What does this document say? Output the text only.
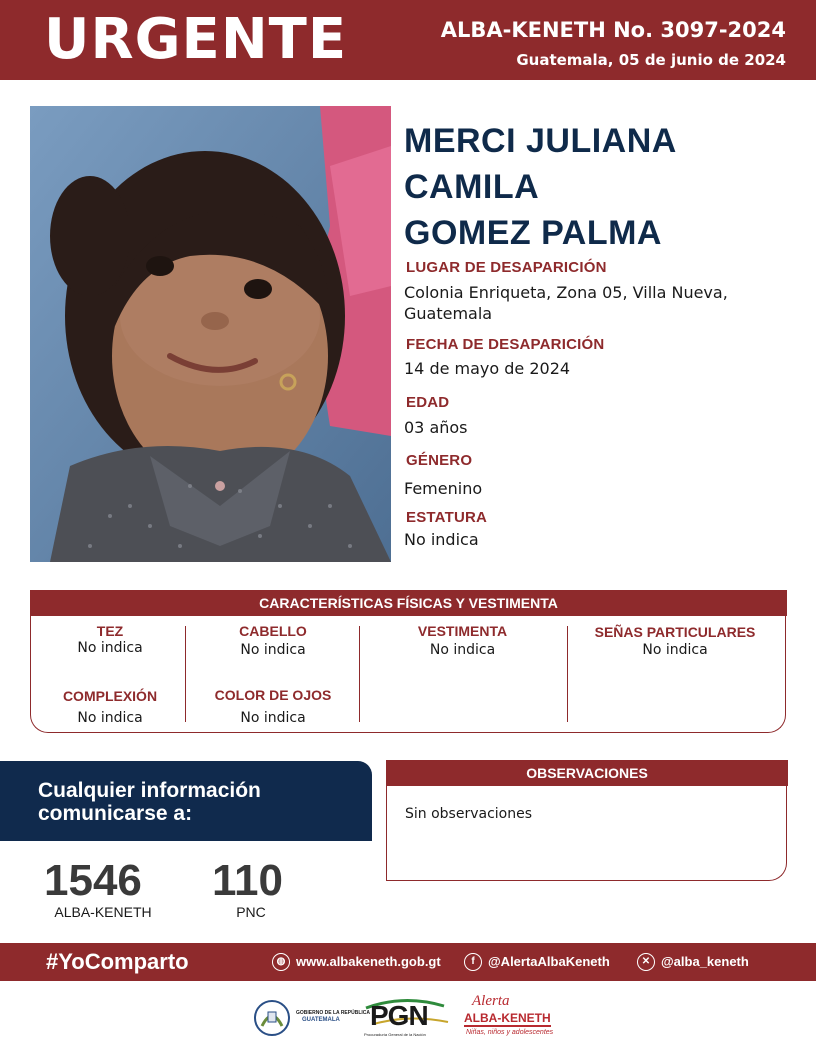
URGENTE	ALBA-KENETH No. 3097-2024
Guatemala, 05 de junio de 2024
MERCI JULIANA
CAMILA
GOMEZ PALMA
LUGAR DE DESAPARICIÓN
Colonia Enriqueta, Zona 05, Villa Nueva,
Guatemala
FECHA DE DESAPARICIÓN
14 de mayo de 2024
EDAD
03 años
GÉNERO
Femenino
ESTATURA
No indica
CARACTERÍSTICAS FÍSICAS Y VESTIMENTA
TEZ
No indica
CABELLO
No indica
VESTIMENTA
No indica
SEÑAS PARTICULARES
No indica
COMPLEXIÓN
No indica
COLOR DE OJOS
No indica
Cualquier información
comunicarse a:
1546
ALBA-KENETH
110
PNC
OBSERVACIONES
Sin observaciones
#YoComparto	◍ www.albakeneth.gob.gt	f	@AlertaAlbaKeneth	✕ @alba_keneth
GOBIERNO DE LA REPÚBLICA
GUATEMALA PGN
Procuraduría General de la Nación
Alerta
ALBA-KENETH
Niñas, niños y adolescentes
